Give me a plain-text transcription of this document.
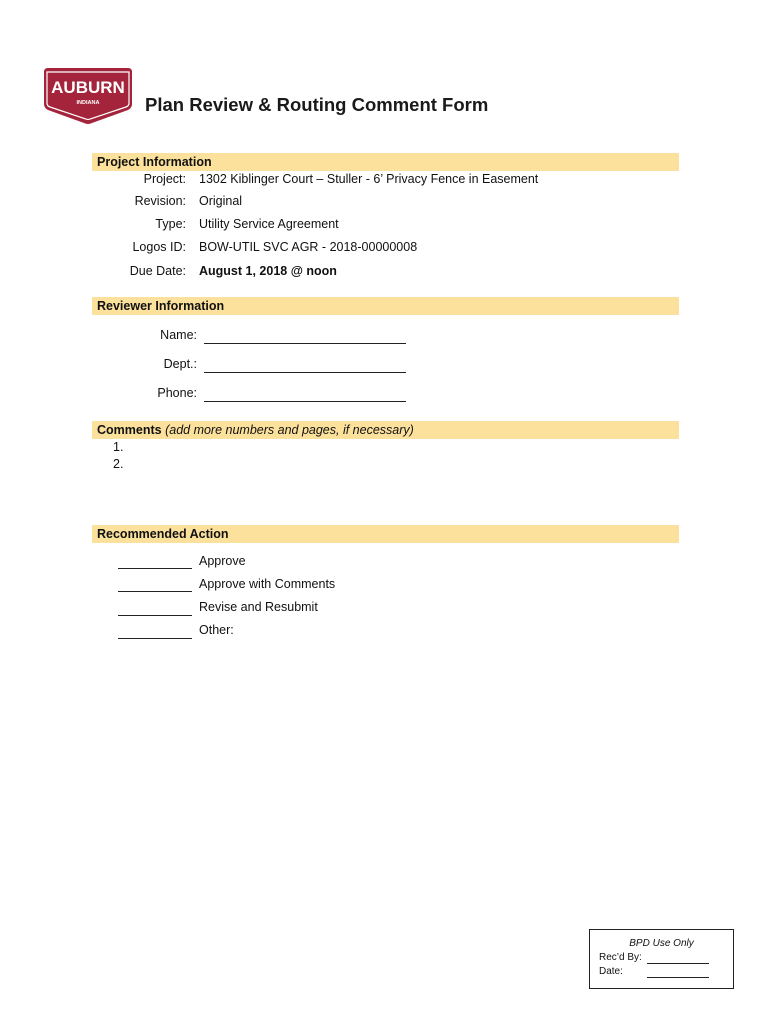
AUBURN
INDIANA Plan Review & Routing Comment Form
Project Information
Project: 1302 Kiblinger Court – Stuller - 6’ Privacy Fence in Easement
Revision: Original
Type: Utility Service Agreement
Logos ID: BOW-UTIL SVC AGR - 2018-00000008
Due Date: August 1, 2018 @ noon
Reviewer Information
Name:
Dept.:
Phone:
Comments (add more numbers and pages, if necessary)
1.
2.
Recommended Action
Approve
Approve with Comments
Revise and Resubmit
Other:
BPD Use Only
Rec’d By:
Date:
